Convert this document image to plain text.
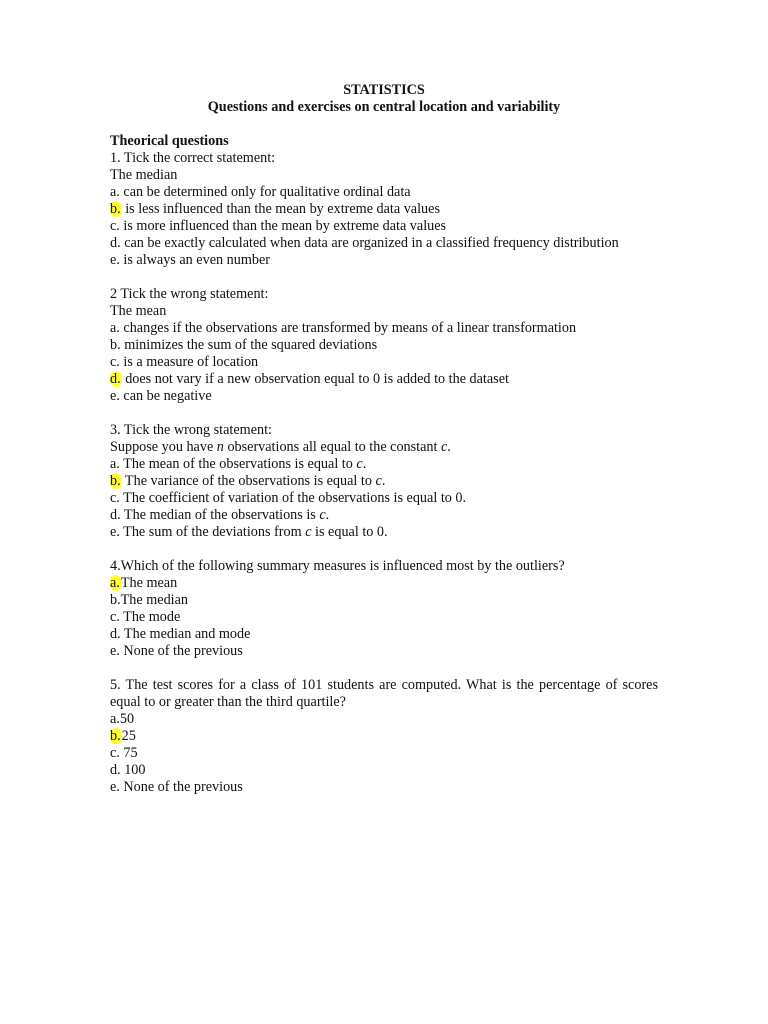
STATISTICS

Questions and exercises on central location and variability

Theorical questions

1. Tick the correct statement:

The median

a. can be determined only for qualitative ordinal data

b. is less influenced than the mean by extreme data values

c. is more influenced than the mean by extreme data values

d. can be exactly calculated when data are organized in a classified frequency distribution

e. is always an even number

2 Tick the wrong statement:

The mean

a. changes if the observations are transformed by means of a linear transformation

b. minimizes the sum of the squared deviations

c. is a measure of location

d. does not vary if a new observation equal to 0 is added to the dataset

e. can be negative

3. Tick the wrong statement:

Suppose you have n observations all equal to the constant c.

a. The mean of the observations is equal to c.

b. The variance of the observations is equal to c.

c. The coefficient of variation of the observations is equal to 0.

d. The median of the observations is c.

e. The sum of the deviations from c is equal to 0.

4.Which of the following summary measures is influenced most by the outliers?

a.The mean

b.The median

c. The mode

d. The median and mode

e. None of the previous

5. The test scores for a class of 101 students are computed. What is the percentage of scores equal to or greater than the third quartile?

a.50

b.25

c. 75

d. 100

e. None of the previous
